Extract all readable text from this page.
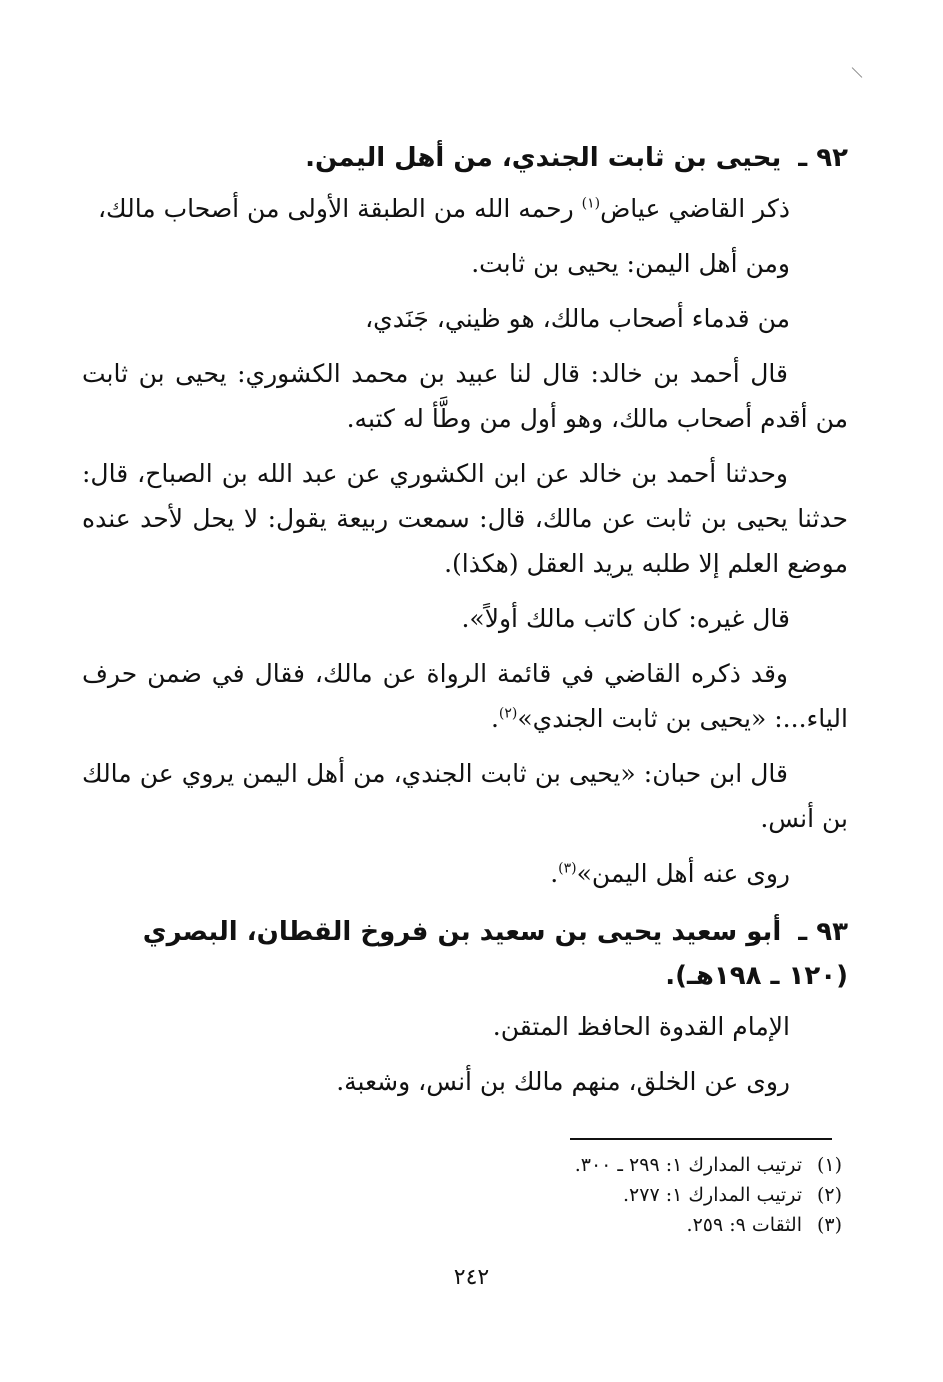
٩٢ ـ يحيى بن ثابت الجندي، من أهل اليمن.

ذكر القاضي عياض$^{(١)}$ رحمه الله من الطبقة الأولى من أصحاب مالك،

ومن أهل اليمن: يحيى بن ثابت.

من قدماء أصحاب مالك، هو ظيني، جَنَدي،

قال أحمد بن خالد: قال لنا عبيد بن محمد الكشوري: يحيى بن ثابت من أقدم أصحاب مالك، وهو أول من وطَّأ له كتبه.

وحدثنا أحمد بن خالد عن ابن الكشوري عن عبد الله بن الصباح، قال: حدثنا يحيى بن ثابت عن مالك، قال: سمعت ربيعة يقول: لا يحل لأحد عنده موضع العلم إلا طلبه يريد العقل (هكذا).

قال غيره: كان كاتب مالك أولاً».

وقد ذكره القاضي في قائمة الرواة عن مالك، فقال في ضمن حرف الياء...: «يحيى بن ثابت الجندي»$^{(٢)}$.

قال ابن حبان: «يحيى بن ثابت الجندي، من أهل اليمن يروي عن مالك بن أنس.

روى عنه أهل اليمن»$^{(٣)}$.

٩٣ ـ أبو سعيد يحيى بن سعيد بن فروخ القطان، البصري (١٢٠ ـ ١٩٨هـ).

الإمام القدوة الحافظ المتقن.

روى عن الخلق، منهم مالك بن أنس، وشعبة.

(١)ترتيب المدارك ١: ٢٩٩ ـ ٣٠٠.
(٢)ترتيب المدارك ١: ٢٧٧.
(٣)الثقات ٩: ٢٥٩.
٢٤٢
